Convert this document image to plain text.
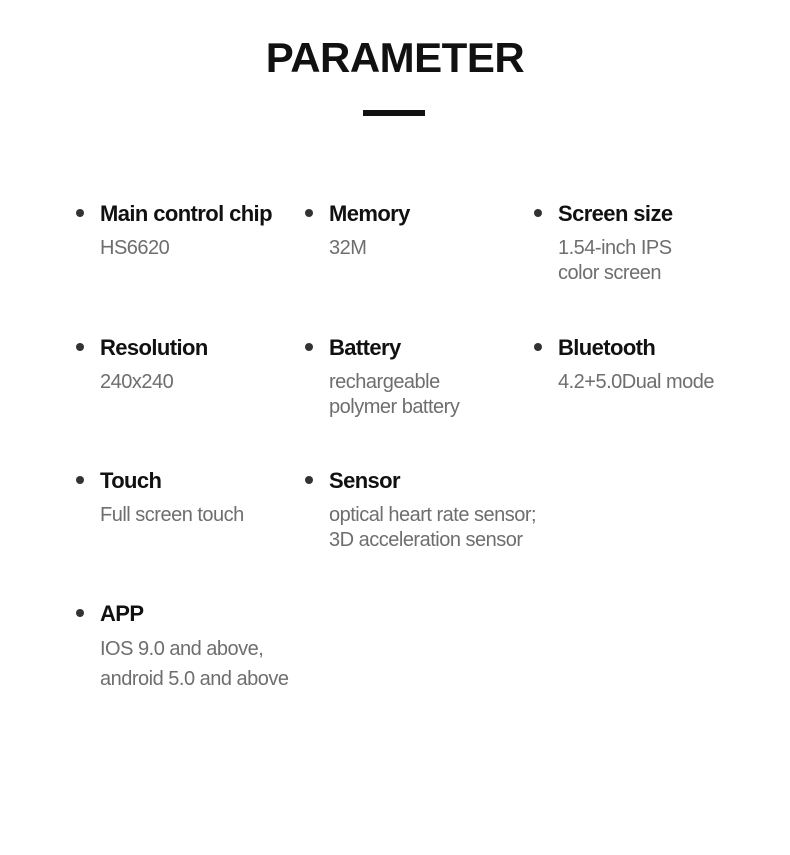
PARAMETER
Main control chip
HS6620
Memory
32M
Screen size
1.54-inch IPS
color screen
Resolution
240x240
Battery
rechargeable
polymer battery
Bluetooth
4.2+5.0Dual mode
Touch
Full screen touch
Sensor
optical heart rate sensor;
3D acceleration sensor
APP
IOS 9.0 and above,
android 5.0 and above
